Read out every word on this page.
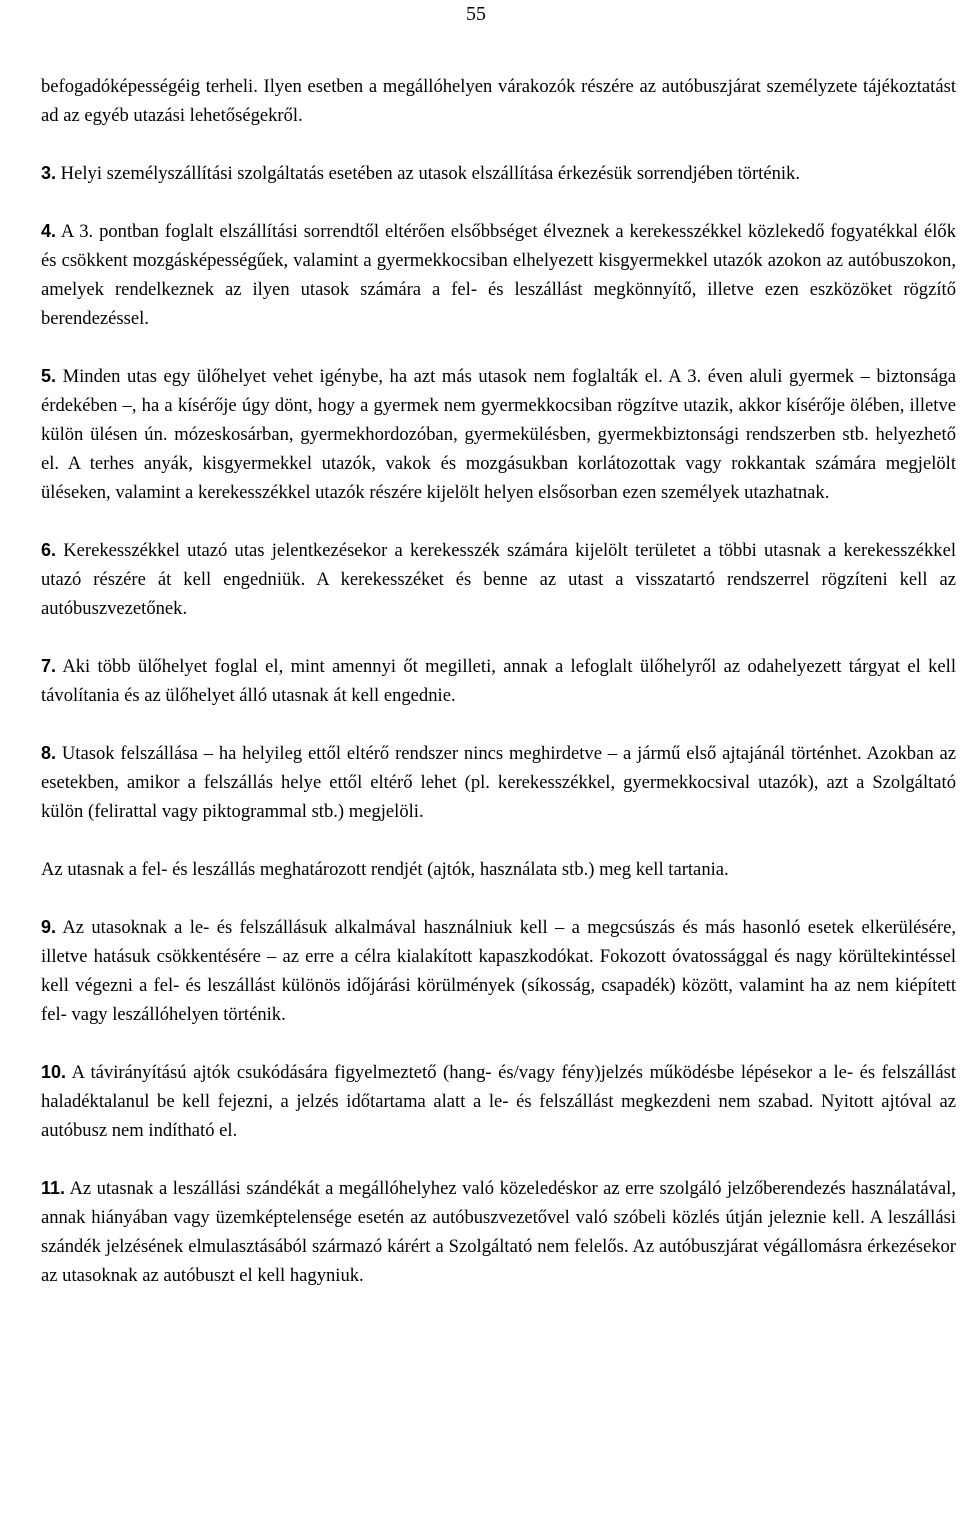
55

befogadóképességéig terheli. Ilyen esetben a megállóhelyen várakozók részére az autóbuszjárat személyzete tájékoztatást ad az egyéb utazási lehetőségekről.

3. Helyi személyszállítási szolgáltatás esetében az utasok elszállítása érkezésük sorrendjében történik.

4. A 3. pontban foglalt elszállítási sorrendtől eltérően elsőbbséget élveznek a kerekesszékkel közlekedő fogyatékkal élők és csökkent mozgásképességűek, valamint a gyermekkocsiban elhelyezett kisgyermekkel utazók azokon az autóbuszokon, amelyek rendelkeznek az ilyen utasok számára a fel- és leszállást megkönnyítő, illetve ezen eszközöket rögzítő berendezéssel.

5. Minden utas egy ülőhelyet vehet igénybe, ha azt más utasok nem foglalták el. A 3. éven aluli gyermek – biztonsága érdekében –, ha a kísérője úgy dönt, hogy a gyermek nem gyermekkocsiban rögzítve utazik, akkor kísérője ölében, illetve külön ülésen ún. mózeskosárban, gyermekhordozóban, gyermekülésben, gyermekbiztonsági rendszerben stb. helyezhető el. A terhes anyák, kisgyermekkel utazók, vakok és mozgásukban korlátozottak vagy rokkantak számára megjelölt üléseken, valamint a kerekesszékkel utazók részére kijelölt helyen elsősorban ezen személyek utazhatnak.

6. Kerekesszékkel utazó utas jelentkezésekor a kerekesszék számára kijelölt területet a többi utasnak a kerekesszékkel utazó részére át kell engedniük. A kerekesszéket és benne az utast a visszatartó rendszerrel rögzíteni kell az autóbuszvezetőnek.

7. Aki több ülőhelyet foglal el, mint amennyi őt megilleti, annak a lefoglalt ülőhelyről az odahelyezett tárgyat el kell távolítania és az ülőhelyet álló utasnak át kell engednie.

8. Utasok felszállása – ha helyileg ettől eltérő rendszer nincs meghirdetve – a jármű első ajtajánál történhet. Azokban az esetekben, amikor a felszállás helye ettől eltérő lehet (pl. kerekesszékkel, gyermekkocsival utazók), azt a Szolgáltató külön (felirattal vagy piktogrammal stb.) megjelöli.

Az utasnak a fel- és leszállás meghatározott rendjét (ajtók, használata stb.) meg kell tartania.

9. Az utasoknak a le- és felszállásuk alkalmával használniuk kell – a megcsúszás és más hasonló esetek elkerülésére, illetve hatásuk csökkentésére – az erre a célra kialakított kapaszkodókat. Fokozott óvatossággal és nagy körültekintéssel kell végezni a fel- és leszállást különös időjárási körülmények (síkosság, csapadék) között, valamint ha az nem kiépített fel- vagy leszállóhelyen történik.

10. A távirányítású ajtók csukódására figyelmeztető (hang- és/vagy fény)jelzés működésbe lépésekor a le- és felszállást haladéktalanul be kell fejezni, a jelzés időtartama alatt a le- és felszállást megkezdeni nem szabad. Nyitott ajtóval az autóbusz nem indítható el.

11. Az utasnak a leszállási szándékát a megállóhelyhez való közeledéskor az erre szolgáló jelzőberendezés használatával, annak hiányában vagy üzemképtelensége esetén az autóbuszvezetővel való szóbeli közlés útján jeleznie kell. A leszállási szándék jelzésének elmulasztásából származó kárért a Szolgáltató nem felelős. Az autóbuszjárat végállomásra érkezésekor az utasoknak az autóbuszt el kell hagyniuk.
